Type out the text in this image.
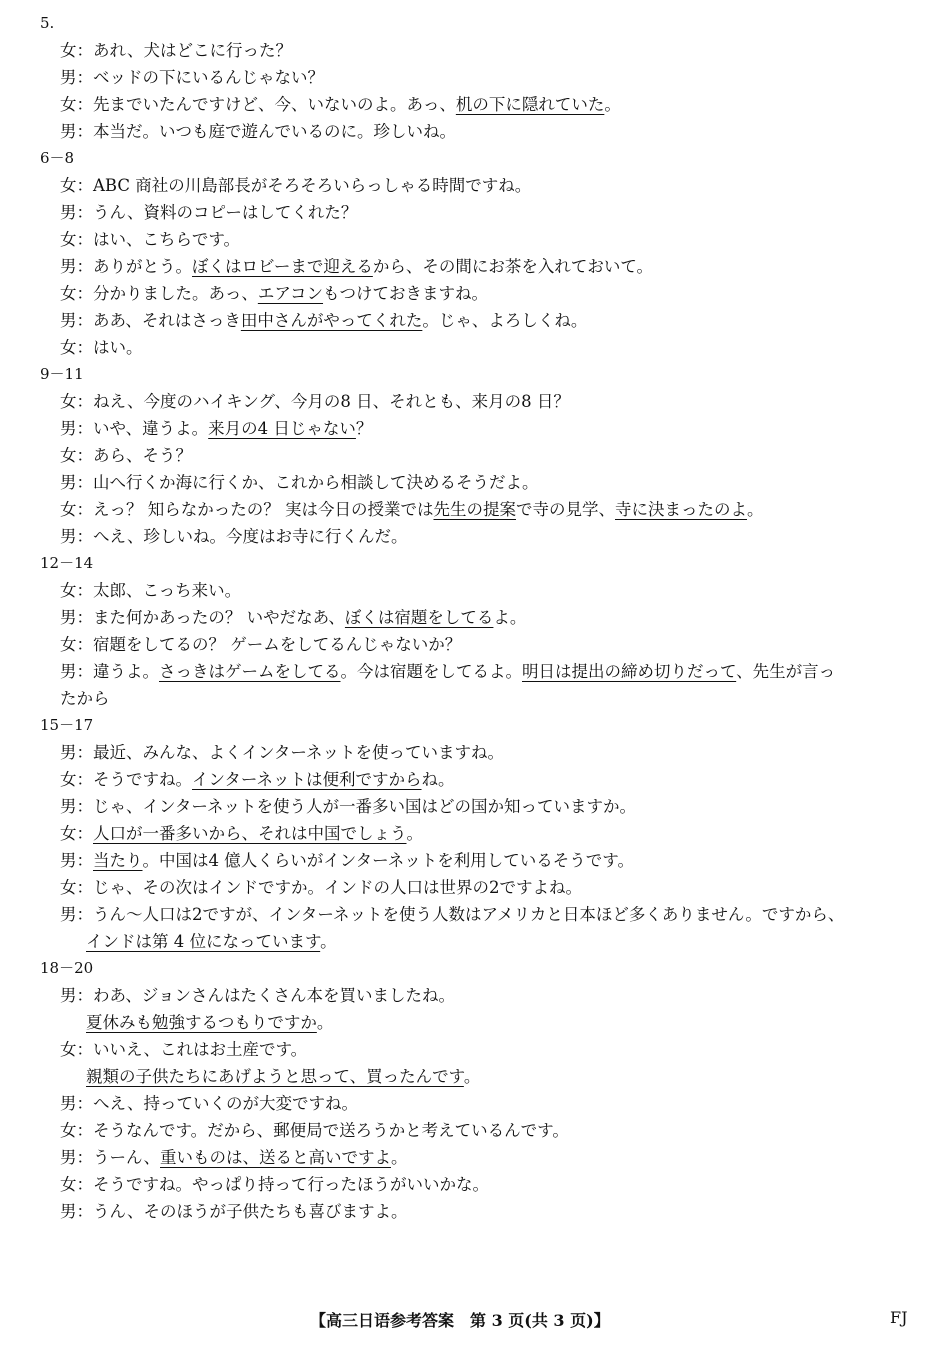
5.
女：あれ、犬はどこに行った？
男：ベッドの下にいるんじゃない？
女：先までいたんですけど、今、いないのよ。あっ、机の下に隠れていた。
男：本当だ。いつも庭で遊んでいるのに。珍しいね。
6－8
女：ABC 商社の川島部長がそろそろいらっしゃる時間ですね。
男：うん、資料のコピーはしてくれた？
女：はい、こちらです。
男：ありがとう。ぼくはロビーまで迎えるから、その間にお茶を入れておいて。
女：分かりました。あっ、エアコンもつけておきますね。
男：ああ、それはさっき田中さんがやってくれた。じゃ、よろしくね。
女：はい。
9－11
女：ねえ、今度のハイキング、今月の8 日、それとも、来月の8 日？
男：いや、違うよ。来月の4 日じゃない？
女：あら、そう？
男：山へ行くか海に行くか、これから相談して決めるそうだよ。
女：えっ？ 知らなかったの？ 実は今日の授業では先生の提案で寺の見学、寺に決まったのよ。
男：へえ、珍しいね。今度はお寺に行くんだ。
12－14
女：太郎、こっち来い。
男：また何かあったの？ いやだなあ、ぼくは宿題をしてるよ。
女：宿題をしてるの？ ゲームをしてるんじゃないか？
男：違うよ。さっきはゲームをしてる。今は宿題をしてるよ。明日は提出の締め切りだって、先生が言っ
たから
15－17
男：最近、みんな、よくインターネットを使っていますね。
女：そうですね。インターネットは便利ですからね。
男：じゃ、インターネットを使う人が一番多い国はどの国か知っていますか。
女：人口が一番多いから、それは中国でしょう。
男：当たり。中国は4 億人くらいがインターネットを利用しているそうです。
女：じゃ、その次はインドですか。インドの人口は世界の2ですよね。
男：うん～人口は2ですが、インターネットを使う人数はアメリカと日本ほど多くありません。ですから、
インドは第 4 位になっています。
18－20
男：わあ、ジョンさんはたくさん本を買いましたね。
夏休みも勉強するつもりですか。
女：いいえ、これはお土産です。
親類の子供たちにあげようと思って、買ったんです。
男：へえ、持っていくのが大変ですね。
女：そうなんです。だから、郵便局で送ろうかと考えているんです。
男：うーん、重いものは、送ると高いですよ。
女：そうですね。やっぱり持って行ったほうがいいかな。
男：うん、そのほうが子供たちも喜びますよ。
【高三日语参考答案　第 3 页(共 3 页)】	FJ
